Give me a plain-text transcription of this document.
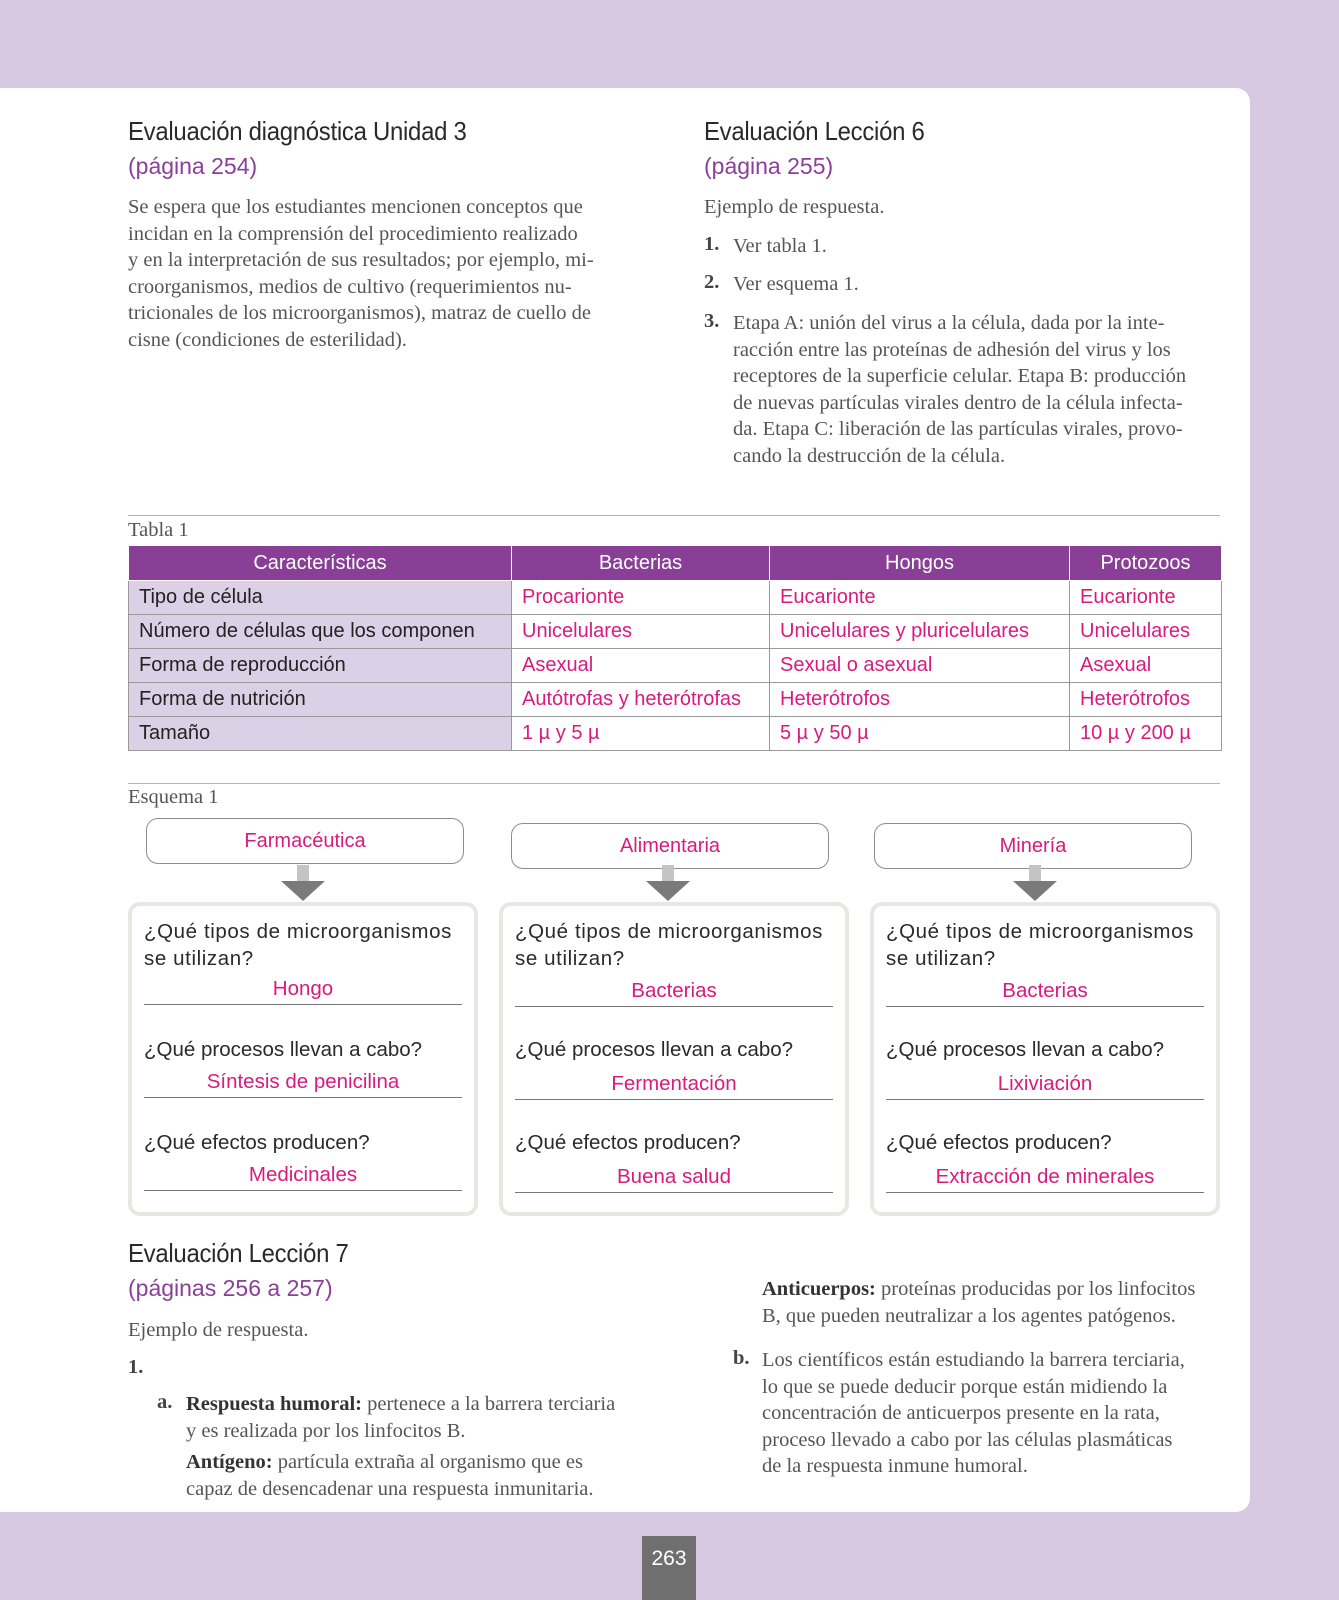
Evaluación diagnóstica Unidad 3
(página 254)
Se espera que los estudiantes mencionen conceptos que
incidan en la comprensión del procedimiento realizado
y en la interpretación de sus resultados; por ejemplo, mi-
croorganismos, medios de cultivo (requerimientos nu-
tricionales de los microorganismos), matraz de cuello de
cisne (condiciones de esterilidad).
Evaluación Lección 6
(página 255)
Ejemplo de respuesta.
1. Ver tabla 1.
2. Ver esquema 1.
3. Etapa A: unión del virus a la célula, dada por la inte-
racción entre las proteínas de adhesión del virus y los
receptores de la superficie celular. Etapa B: producción
de nuevas partículas virales dentro de la célula infecta-
da. Etapa C: liberación de las partículas virales, provo-
cando la destrucción de la célula.
Tabla 1
Características	Bacterias	Hongos	Protozoos
Tipo de célula	Procarionte	Eucarionte	Eucarionte
Número de células que los componen	Unicelulares	Unicelulares y pluricelulares	Unicelulares
Forma de reproducción	Asexual	Sexual o asexual	Asexual
Forma de nutrición	Autótrofas y heterótrofas	Heterótrofos	Heterótrofos
Tamaño	1 µ y 5 µ	5 µ y 50 µ	10 µ y 200 µ
Esquema 1
Farmacéutica	Alimentaria	Minería

¿Qué tipos de microorganismos se utilizan?

Hongo

¿Qué procesos llevan a cabo?

Síntesis de penicilina

¿Qué efectos producen?

Medicinales

¿Qué tipos de microorganismos se utilizan?

Bacterias

¿Qué procesos llevan a cabo?

Fermentación

¿Qué efectos producen?

Buena salud

¿Qué tipos de microorganismos se utilizan?

Bacterias

¿Qué procesos llevan a cabo?

Lixiviación

¿Qué efectos producen?

Extracción de minerales
Evaluación Lección 7
(páginas 256 a 257)
Ejemplo de respuesta.
1.
a. Respuesta humoral: pertenece a la barrera terciaria
y es realizada por los linfocitos B.
Antígeno: partícula extraña al organismo que es
capaz de desencadenar una respuesta inmunitaria.
Anticuerpos: proteínas producidas por los linfocitos
B, que pueden neutralizar a los agentes patógenos.
b. Los científicos están estudiando la barrera terciaria,
lo que se puede deducir porque están midiendo la
concentración de anticuerpos presente en la rata,
proceso llevado a cabo por las células plasmáticas
de la respuesta inmune humoral.
263
